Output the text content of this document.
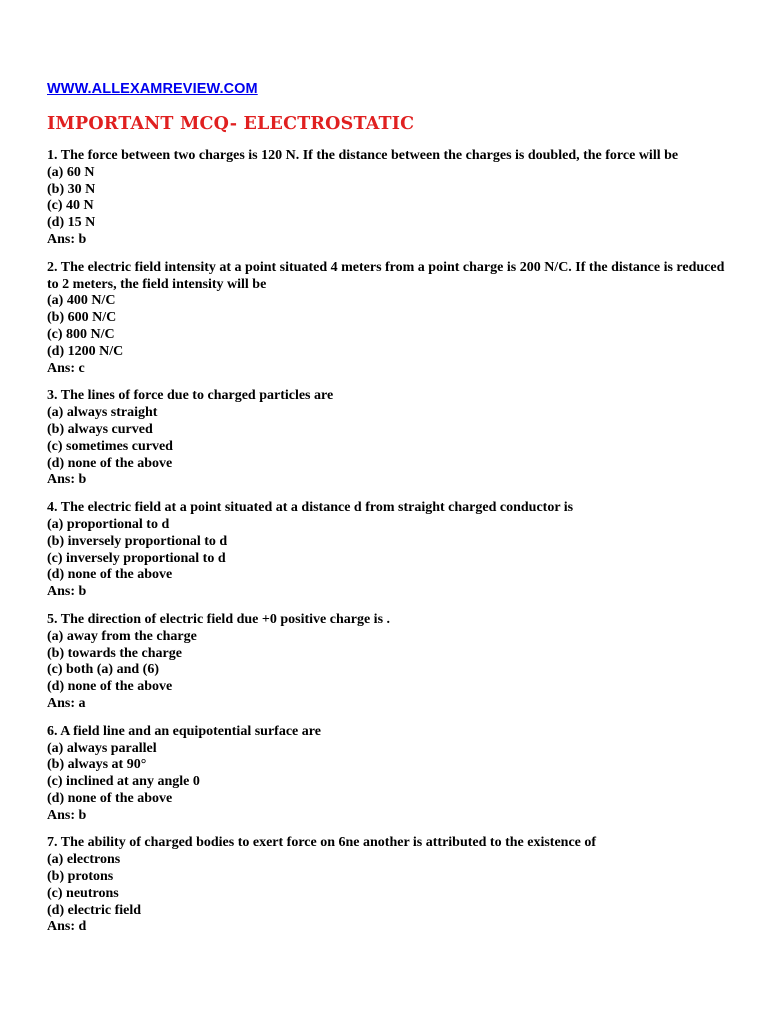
WWW.ALLEXAMREVIEW.COM
IMPORTANT MCQ- ELECTROSTATIC
1. The force between two charges is 120 N. If the distance between the charges is doubled, the force will be
(a) 60 N
(b) 30 N
(c) 40 N
(d) 15 N
Ans: b
2. The electric field intensity at a point situated 4 meters from a point charge is 200 N/C. If the distance is reduced to 2 meters, the field intensity will be
(a) 400 N/C
(b) 600 N/C
(c) 800 N/C
(d) 1200 N/C
Ans: c
3. The lines of force due to charged particles are
(a) always straight
(b) always curved
(c) sometimes curved
(d) none of the above
Ans: b
4. The electric field at a point situated at a distance d from straight charged conductor is
(a) proportional to d
(b) inversely proportional to d
(c) inversely proportional to d
(d) none of the above
Ans: b
5. The direction of electric field due +0 positive charge is .
(a) away from the charge
(b) towards the charge
(c) both (a) and (6)
(d) none of the above
Ans: a
6. A field line and an equipotential surface are
(a) always parallel
(b) always at 90°
(c) inclined at any angle 0
(d) none of the above
Ans: b
7. The ability of charged bodies to exert force on 6ne another is attributed to the existence of
(a) electrons
(b) protons
(c) neutrons
(d) electric field
Ans: d
